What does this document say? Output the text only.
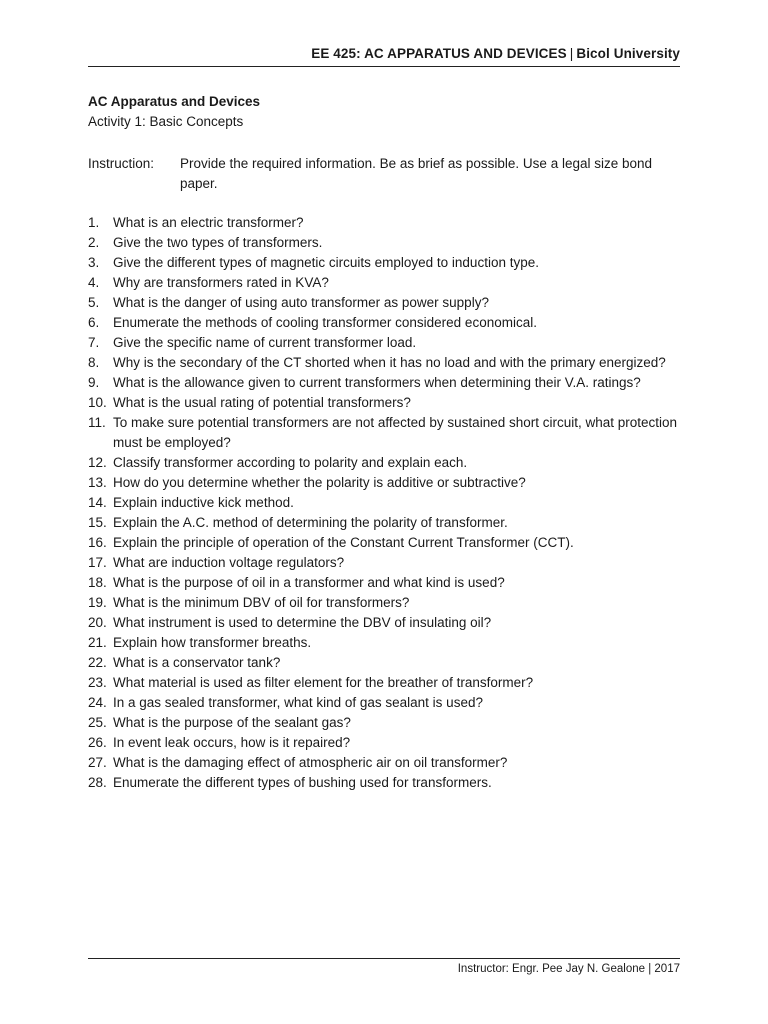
EE 425: AC APPARATUS AND DEVICES | Bicol University
AC Apparatus and Devices
Activity 1: Basic Concepts
Instruction:	Provide the required information. Be as brief as possible. Use a legal size bond paper.
1.	What is an electric transformer?
2.	Give the two types of transformers.
3.	Give the different types of magnetic circuits employed to induction type.
4.	Why are transformers rated in KVA?
5.	What is the danger of using auto transformer as power supply?
6.	Enumerate the methods of cooling transformer considered economical.
7.	Give the specific name of current transformer load.
8.	Why is the secondary of the CT shorted when it has no load and with the primary energized?
9.	What is the allowance given to current transformers when determining their V.A. ratings?
10. What is the usual rating of potential transformers?
11. To make sure potential transformers are not affected by sustained short circuit, what protection must be employed?
12. Classify transformer according to polarity and explain each.
13. How do you determine whether the polarity is additive or subtractive?
14. Explain inductive kick method.
15. Explain the A.C. method of determining the polarity of transformer.
16. Explain the principle of operation of the Constant Current Transformer (CCT).
17. What are induction voltage regulators?
18. What is the purpose of oil in a transformer and what kind is used?
19. What is the minimum DBV of oil for transformers?
20. What instrument is used to determine the DBV of insulating oil?
21. Explain how transformer breaths.
22. What is a conservator tank?
23. What material is used as filter element for the breather of transformer?
24. In a gas sealed transformer, what kind of gas sealant is used?
25. What is the purpose of the sealant gas?
26. In event leak occurs, how is it repaired?
27. What is the damaging effect of atmospheric air on oil transformer?
28. Enumerate the different types of bushing used for transformers.
Instructor: Engr. Pee Jay N. Gealone | 2017
